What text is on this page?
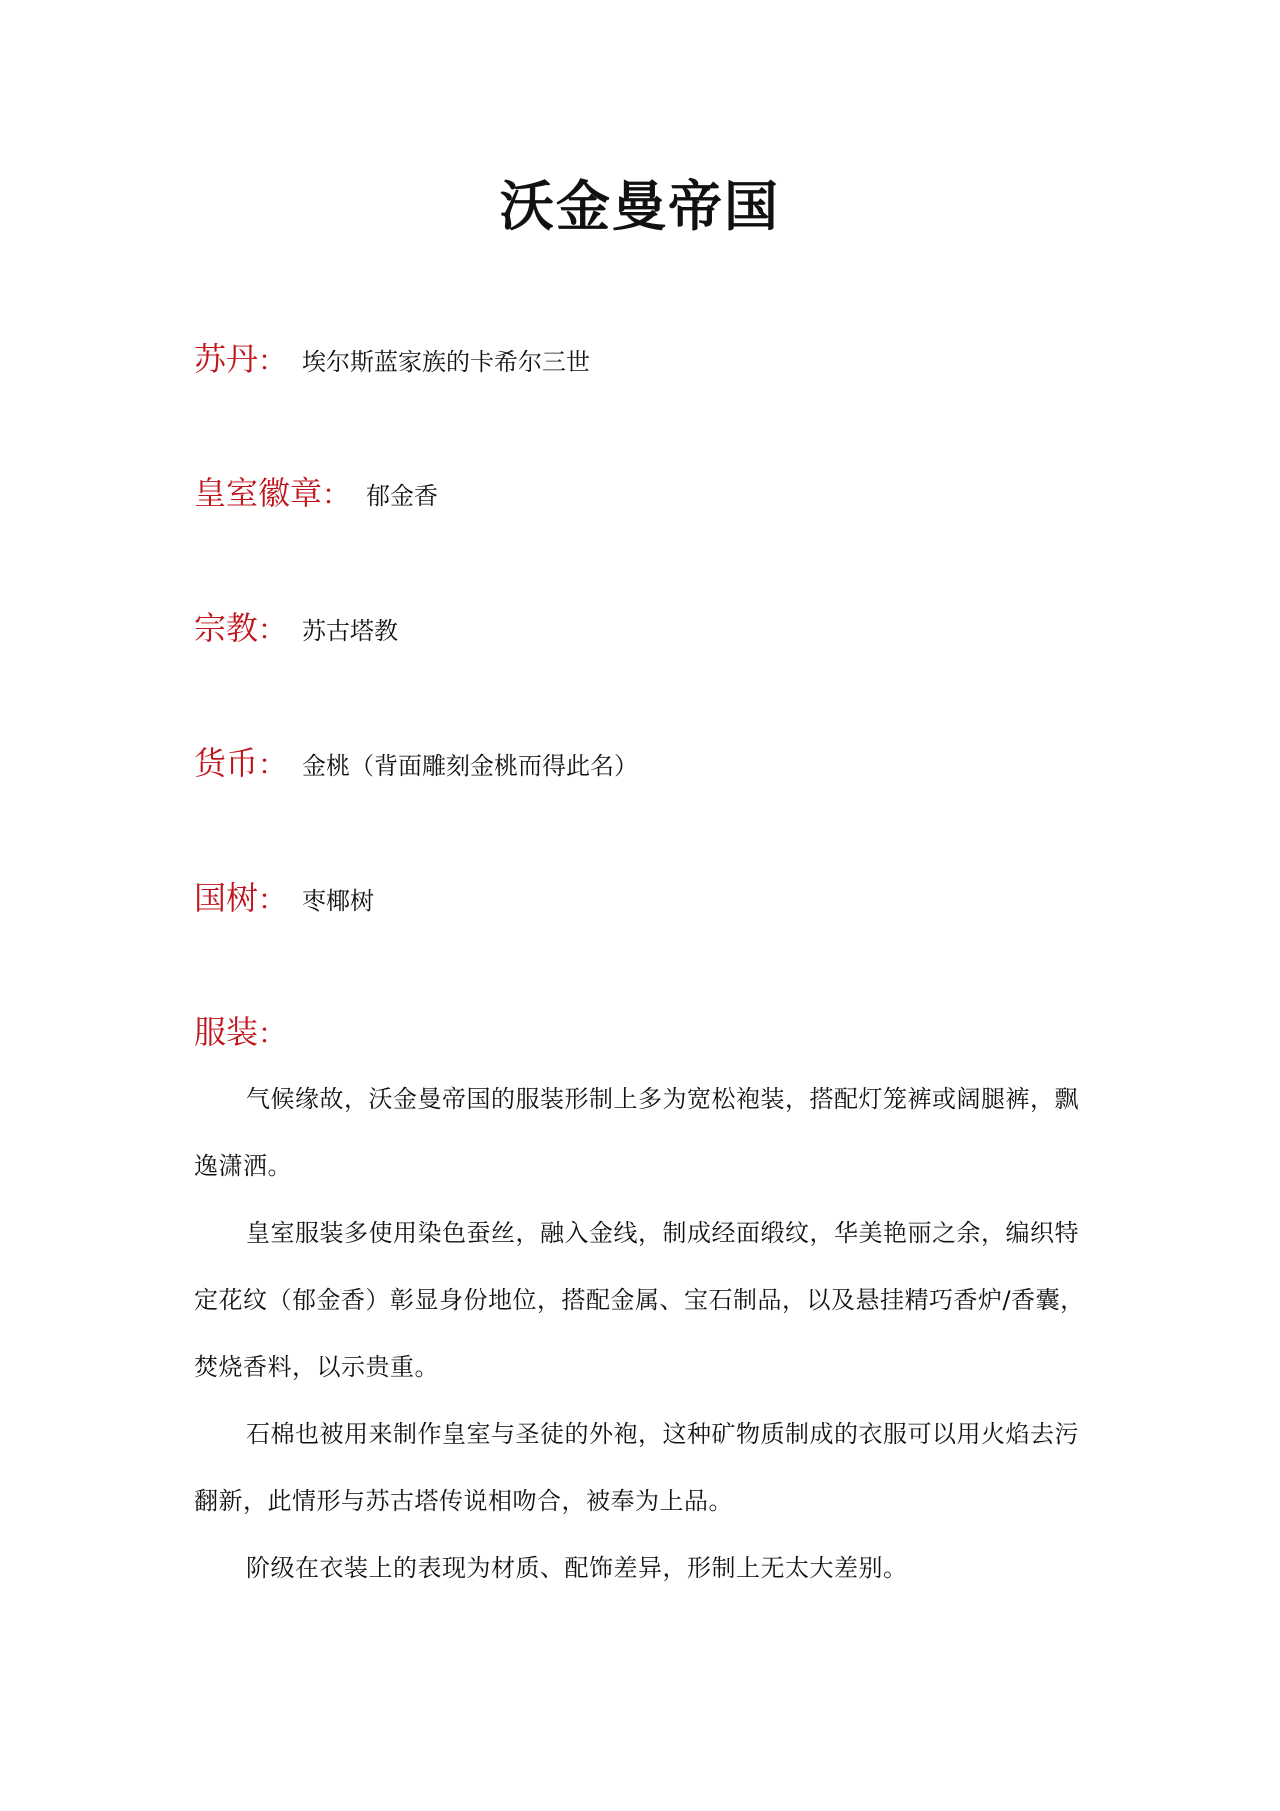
沃金曼帝国
苏丹 ： 埃尔斯蓝家族的卡希尔三世
皇室徽章 ： 郁金香
宗教 ： 苏古塔教
货币 ： 金桃（背面雕刻金桃而得此名）
国树 ： 枣椰树
服装 ：

气候缘故，沃金曼帝国的服装形制上多为宽松袍装，搭配灯笼裤或阔腿裤，飘逸潇洒。

皇室服装多使用染色蚕丝，融入金线，制成经面缎纹，华美艳丽之余，编织特定花纹（郁金香）彰显身份地位，搭配金属、宝石制品，以及悬挂精巧香炉/香囊，焚烧香料，以示贵重。

石棉也被用来制作皇室与圣徒的外袍，这种矿物质制成的衣服可以用火焰去污翻新，此情形与苏古塔传说相吻合，被奉为上品。

阶级在衣装上的表现为材质、配饰差异，形制上无太大差别。
